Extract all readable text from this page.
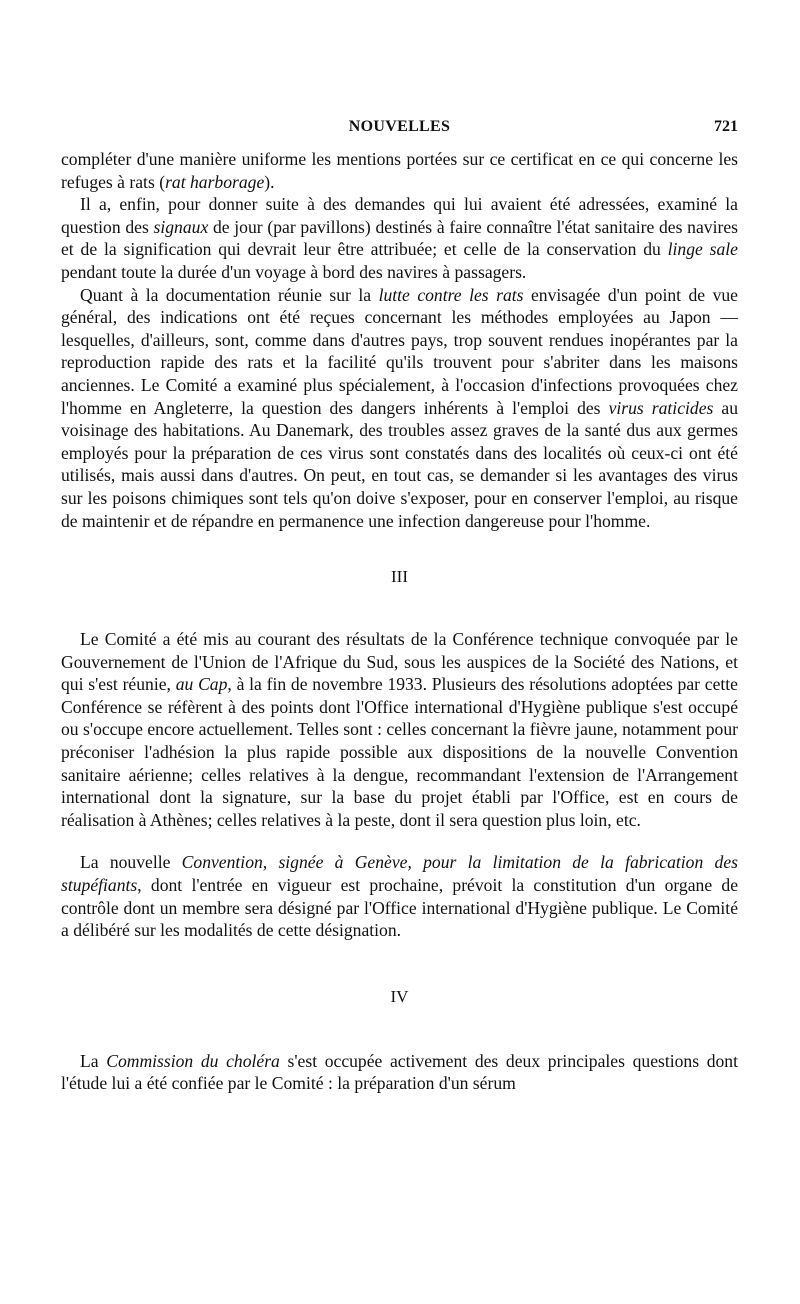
NOUVELLES	721

compléter d'une manière uniforme les mentions portées sur ce certificat en ce qui concerne les refuges à rats (rat harborage).

Il a, enfin, pour donner suite à des demandes qui lui avaient été adressées, examiné la question des signaux de jour (par pavillons) destinés à faire connaître l'état sanitaire des navires et de la signification qui devrait leur être attribuée; et celle de la conservation du linge sale pendant toute la durée d'un voyage à bord des navires à passagers.

Quant à la documentation réunie sur la lutte contre les rats envisagée d'un point de vue général, des indications ont été reçues concernant les méthodes employées au Japon — lesquelles, d'ailleurs, sont, comme dans d'autres pays, trop souvent rendues inopérantes par la reproduction rapide des rats et la facilité qu'ils trouvent pour s'abriter dans les maisons anciennes. Le Comité a examiné plus spécialement, à l'occasion d'infections provoquées chez l'homme en Angleterre, la question des dangers inhérents à l'emploi des virus raticides au voisinage des habitations. Au Danemark, des troubles assez graves de la santé dus aux germes employés pour la préparation de ces virus sont constatés dans des localités où ceux-ci ont été utilisés, mais aussi dans d'autres. On peut, en tout cas, se demander si les avantages des virus sur les poisons chimiques sont tels qu'on doive s'exposer, pour en conserver l'emploi, au risque de maintenir et de répandre en permanence une infection dangereuse pour l'homme.

III

Le Comité a été mis au courant des résultats de la Conférence technique convoquée par le Gouvernement de l'Union de l'Afrique du Sud, sous les auspices de la Société des Nations, et qui s'est réunie, au Cap, à la fin de novembre 1933. Plusieurs des résolutions adoptées par cette Conférence se réfèrent à des points dont l'Office international d'Hygiène publique s'est occupé ou s'occupe encore actuellement. Telles sont : celles concernant la fièvre jaune, notamment pour préconiser l'adhésion la plus rapide possible aux dispositions de la nouvelle Convention sanitaire aérienne; celles relatives à la dengue, recommandant l'extension de l'Arrangement international dont la signature, sur la base du projet établi par l'Office, est en cours de réalisation à Athènes; celles relatives à la peste, dont il sera question plus loin, etc.

La nouvelle Convention, signée à Genève, pour la limitation de la fabrication des stupéfiants, dont l'entrée en vigueur est prochaine, prévoit la constitution d'un organe de contrôle dont un membre sera désigné par l'Office international d'Hygiène publique. Le Comité a délibéré sur les modalités de cette désignation.

IV

La Commission du choléra s'est occupée activement des deux principales questions dont l'étude lui a été confiée par le Comité : la préparation d'un sérum
